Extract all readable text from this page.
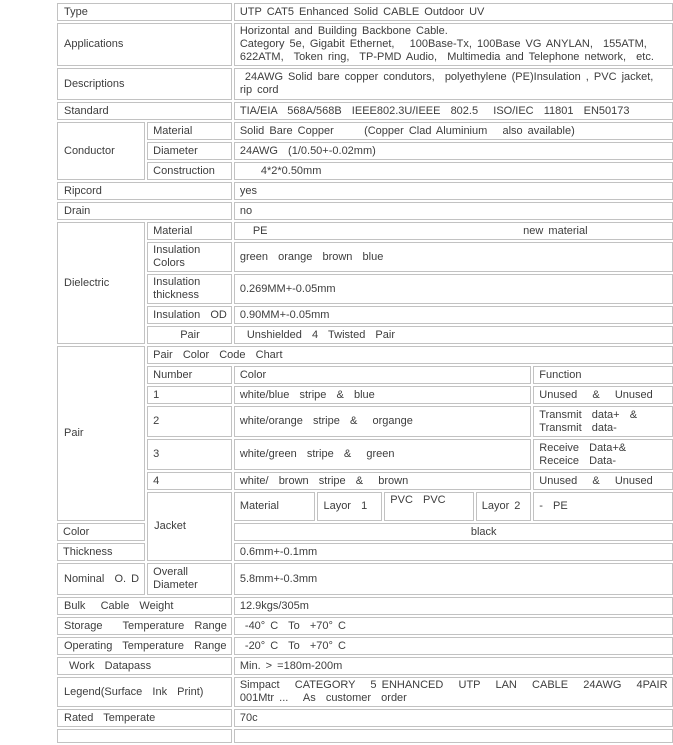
Type		UTP CAT5 Enhanced Solid CABLE Outdoor UV				

Applications		Horizontal and Building Backbone Cable.
Category 5e, Gigabit Ethernet,   100Base-Tx, 100Base VG ANYLAN,  155ATM,
622ATM,  Token ring,  TP-PMD Audio,  Multimedia and Telephone network,  etc.				

Descriptions		24AWG Solid bare copper condutors,  polyethylene (PE)Insulation , PVC jacket,
rip cord				

Standard		TIA/EIA  568A/568B  IEEE802.3U/IEEE  802.5   ISO/IEC  11801  EN50173				

Conductor	Material	Solid Bare Copper      (Copper Clad Aluminium   also available)				

	Diameter	24AWG  (1/0.50+-0.02mm)				

	Construction	4*2*0.50mm				

Ripcord		yes				

Drain		no				

Dielectric	Material	PE new material				

	Insulation
Colors	green  orange  brown  blue				

	Insulation
thickness	0.269MM+-0.05mm				

	Insulation  OD	0.90MM+-0.05mm				

	Pair	Unshielded  4  Twisted  Pair				

Pair	Pair  Color  Code  Chart					

	Number	Color				Function

	1	white/blue  stripe  &  blue				Unused   &   Unused

	2	white/orange  stripe  &   organge				Transmit  data+  &
Transmit  data-

	3	white/green  stripe  &   green				Receive  Data+&
Receice  Data-

	4	white/  brown  stripe  &   brown				Unused   &   Unused

	Jacket	Material	Layor  1	PVC  PVC	Layor 2	-  PE

Color		black				

Thickness		0.6mm+-0.1mm				

Nominal  O. D	Overall
Diameter	5.8mm+-0.3mm				

Bulk   Cable  Weight		12.9kgs/305m				

Storage    Temperature  Range		-40° C  To  +70° C				

Operating  Temperature  Range		-20° C  To  +70° C				

Work  Datapass		Min. > =180m-200m				

Legend(Surface  Ink  Print)		Simpact   CATEGORY   5 ENHANCED   UTP   LAN   CABLE   24AWG   4PAIR
001Mtr ...   As  customer  order				

Rated  Temperate		70c				
